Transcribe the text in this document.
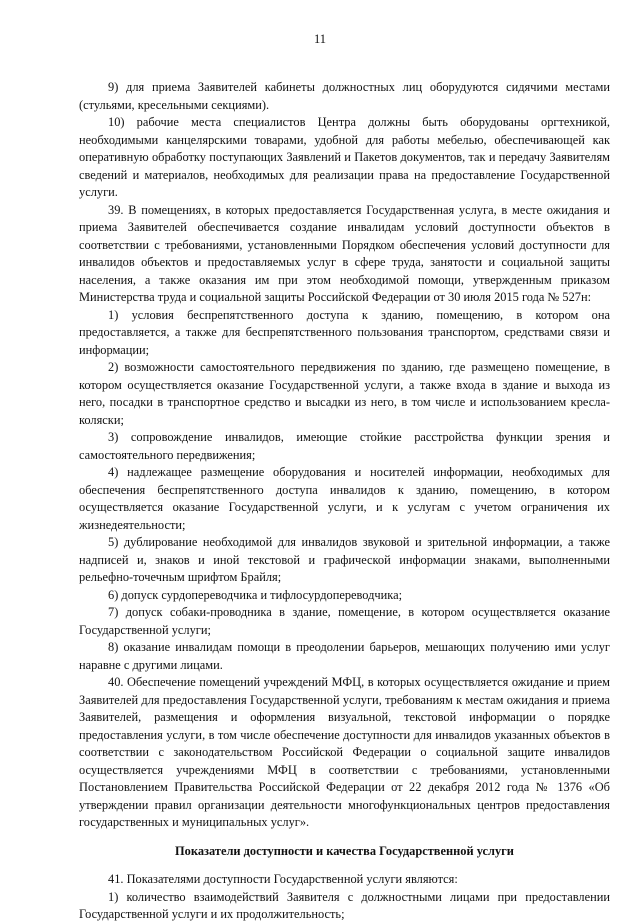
11

9) для приема Заявителей кабинеты должностных лиц оборудуются сидячими местами (стульями, кресельными секциями).

10) рабочие места специалистов Центра должны быть оборудованы оргтехникой, необходимыми канцелярскими товарами, удобной для работы мебелью, обеспечивающей как оперативную обработку поступающих Заявлений и Пакетов документов, так и передачу Заявителям сведений и материалов, необходимых для реализации права на предоставление Государственной услуги.

39. В помещениях, в которых предоставляется Государственная услуга, в месте ожидания и приема Заявителей обеспечивается создание инвалидам условий доступности объектов в соответствии с требованиями, установленными Порядком обеспечения условий доступности для инвалидов объектов и предоставляемых услуг в сфере труда, занятости и социальной защиты населения, а также оказания им при этом необходимой помощи, утвержденным приказом Министерства труда и социальной защиты Российской Федерации от 30 июля 2015 года № 527н:

1) условия беспрепятственного доступа к зданию, помещению, в котором она предоставляется, а также для беспрепятственного пользования транспортом, средствами связи и информации;

2) возможности самостоятельного передвижения по зданию, где размещено помещение, в котором осуществляется оказание Государственной услуги, а также входа в здание и выхода из него, посадки в транспортное средство и высадки из него, в том числе и использованием кресла-коляски;

3) сопровождение инвалидов, имеющие стойкие расстройства функции зрения и самостоятельного передвижения;

4) надлежащее размещение оборудования и носителей информации, необходимых для обеспечения беспрепятственного доступа инвалидов к зданию, помещению, в котором осуществляется оказание Государственной услуги, и к услугам с учетом ограничения их жизнедеятельности;

5) дублирование необходимой для инвалидов звуковой и зрительной информации, а также надписей и, знаков и иной текстовой и графической информации знаками, выполненными рельефно-точечным шрифтом Брайля;

6) допуск сурдопереводчика и тифлосурдопереводчика;

7) допуск собаки-проводника в здание, помещение, в котором осуществляется оказание Государственной услуги;

8) оказание инвалидам помощи в преодолении барьеров, мешающих получению ими услуг наравне с другими лицами.

40. Обеспечение помещений учреждений МФЦ, в которых осуществляется ожидание и прием Заявителей для предоставления Государственной услуги, требованиям к местам ожидания и приема Заявителей, размещения и оформления визуальной, текстовой информации о порядке предоставления услуги, в том числе обеспечение доступности для инвалидов указанных объектов в соответствии с законодательством Российской Федерации о социальной защите инвалидов осуществляется учреждениями МФЦ в соответствии с требованиями, установленными Постановлением Правительства Российской Федерации от 22 декабря 2012 года № 1376 «Об утверждении правил организации деятельности многофункциональных центров предоставления государственных и муниципальных услуг».

Показатели доступности и качества Государственной услуги

41. Показателями доступности Государственной услуги являются:

1) количество взаимодействий Заявителя с должностными лицами при предоставлении Государственной услуги и их продолжительность;
